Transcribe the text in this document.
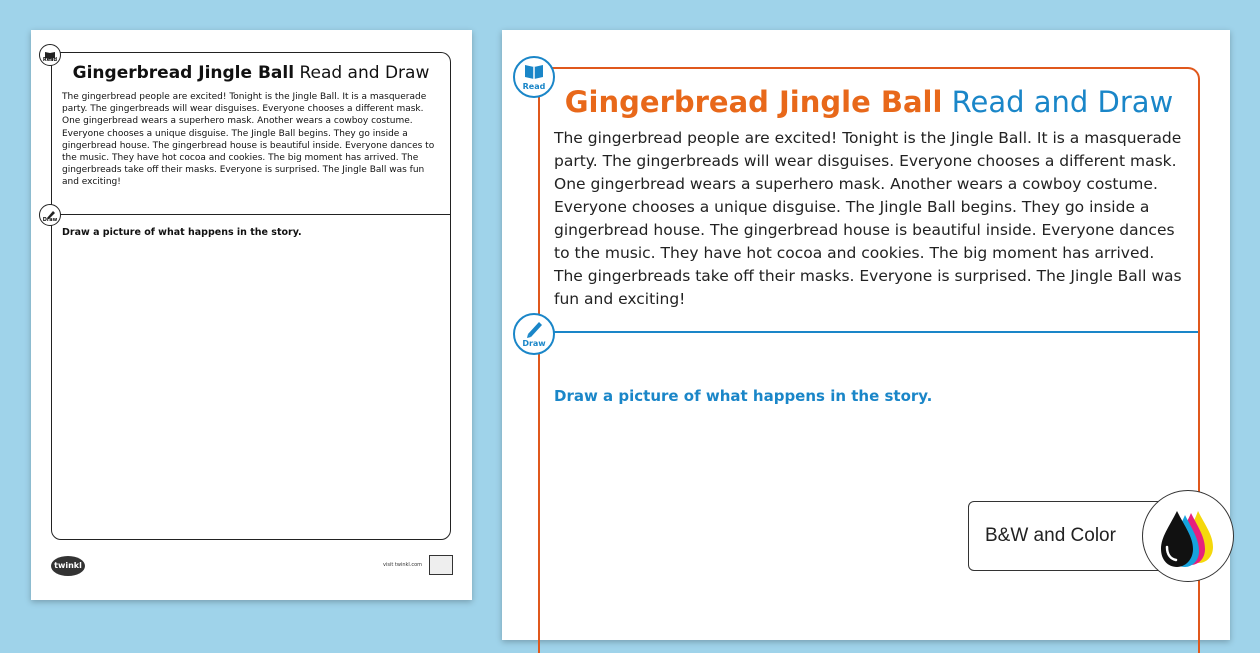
Gingerbread Jingle Ball Read and Draw

The gingerbread people are excited! Tonight is the Jingle Ball. It is a masquerade party. The gingerbreads will wear disguises. Everyone chooses a different mask. One gingerbread wears a superhero mask. Another wears a cowboy costume. Everyone chooses a unique disguise. The Jingle Ball begins. They go inside a gingerbread house. The gingerbread house is beautiful inside. Everyone dances to the music. They have hot cocoa and cookies. The big moment has arrived. The gingerbreads take off their masks. Everyone is surprised. The Jingle Ball was fun and exciting!

Draw a picture of what happens in the story.

Read
Draw
twinkl	visit twinkl.com
Gingerbread Jingle Ball Read and Draw

The gingerbread people are excited! Tonight is the Jingle Ball. It is a masquerade party. The gingerbreads will wear disguises. Everyone chooses a different mask. One gingerbread wears a superhero mask. Another wears a cowboy costume. Everyone chooses a unique disguise. The Jingle Ball begins. They go inside a gingerbread house. The gingerbread house is beautiful inside. Everyone dances to the music. They have hot cocoa and cookies. The big moment has arrived. The gingerbreads take off their masks. Everyone is surprised. The Jingle Ball was fun and exciting!

Draw a picture of what happens in the story.

Read
Draw
B&W and Color
